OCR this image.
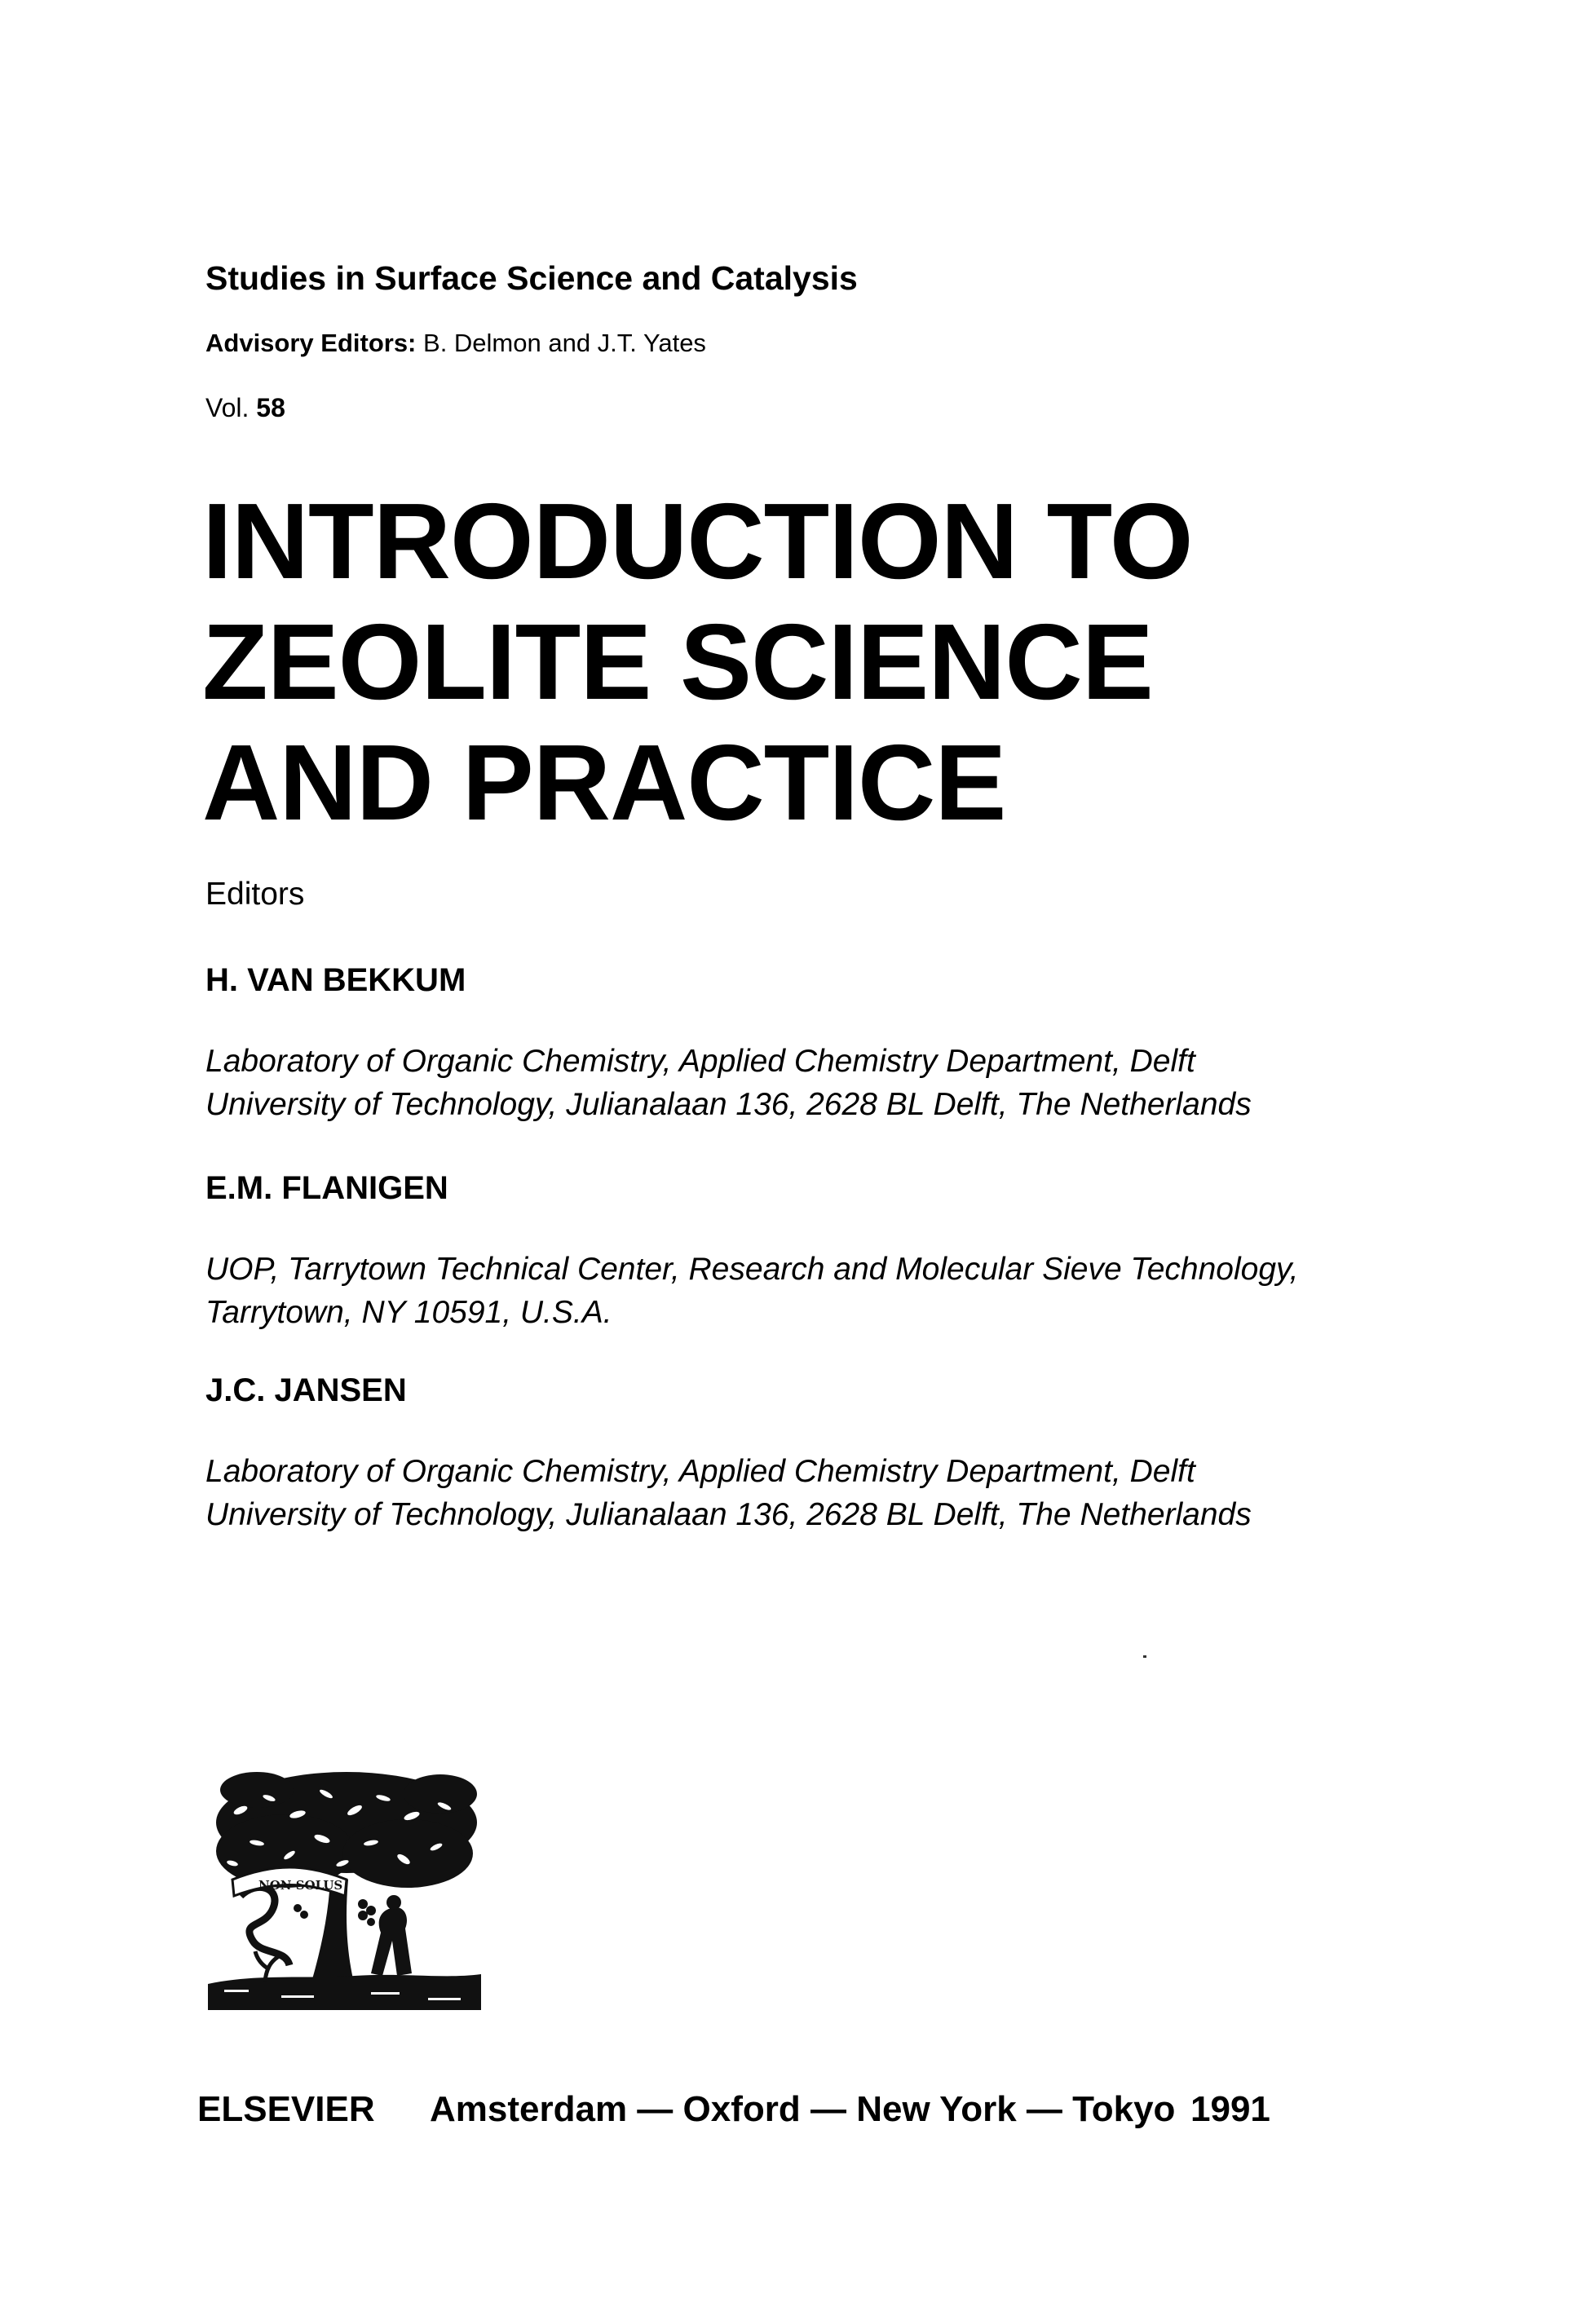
Studies in Surface Science and Catalysis
Advisory Editors: B. Delmon and J.T. Yates
Vol. 58
INTRODUCTION TO
ZEOLITE SCIENCE
AND PRACTICE
Editors
H. VAN BEKKUM
Laboratory of Organic Chemistry, Applied Chemistry Department, Delft
University of Technology, Julianalaan 136, 2628 BL Delft, The Netherlands
E.M. FLANIGEN
UOP, Tarrytown Technical Center, Research and Molecular Sieve Technology,
Tarrytown, NY 10591, U.S.A.
J.C. JANSEN
Laboratory of Organic Chemistry, Applied Chemistry Department, Delft
University of Technology, Julianalaan 136, 2628 BL Delft, The Netherlands
NON SOLUS
ELSEVIER Amsterdam — Oxford — New York — Tokyo 1991
